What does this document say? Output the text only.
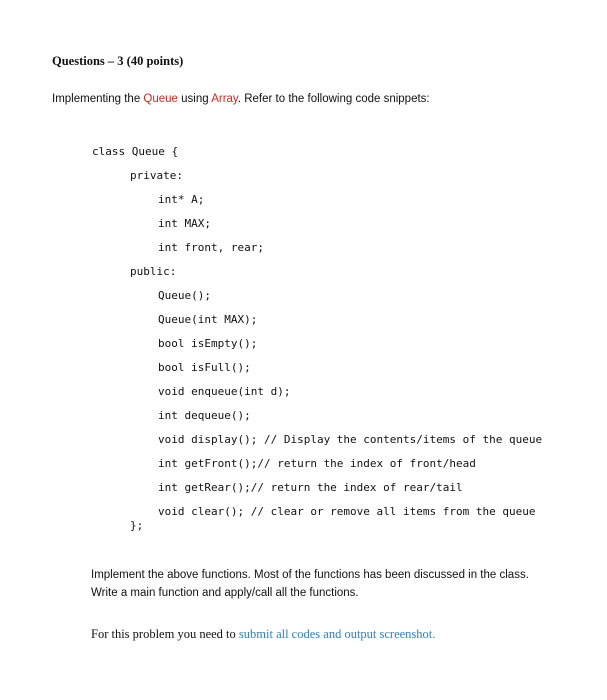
Questions – 3 (40 points)
Implementing the Queue using Array. Refer to the following code snippets:
class Queue {
private:
int* A;
int MAX;
int front, rear;
public:
Queue();
Queue(int MAX);
bool isEmpty();
bool isFull();
void enqueue(int d);
int dequeue();
void display(); // Display the contents/items of the queue
int getFront();// return the index of front/head
int getRear();// return the index of rear/tail
void clear(); // clear or remove all items from the queue
};

Implement the above functions. Most of the functions has been discussed in the class.

Write a main function and apply/call all the functions.

For this problem you need to submit all codes and output screenshot.
